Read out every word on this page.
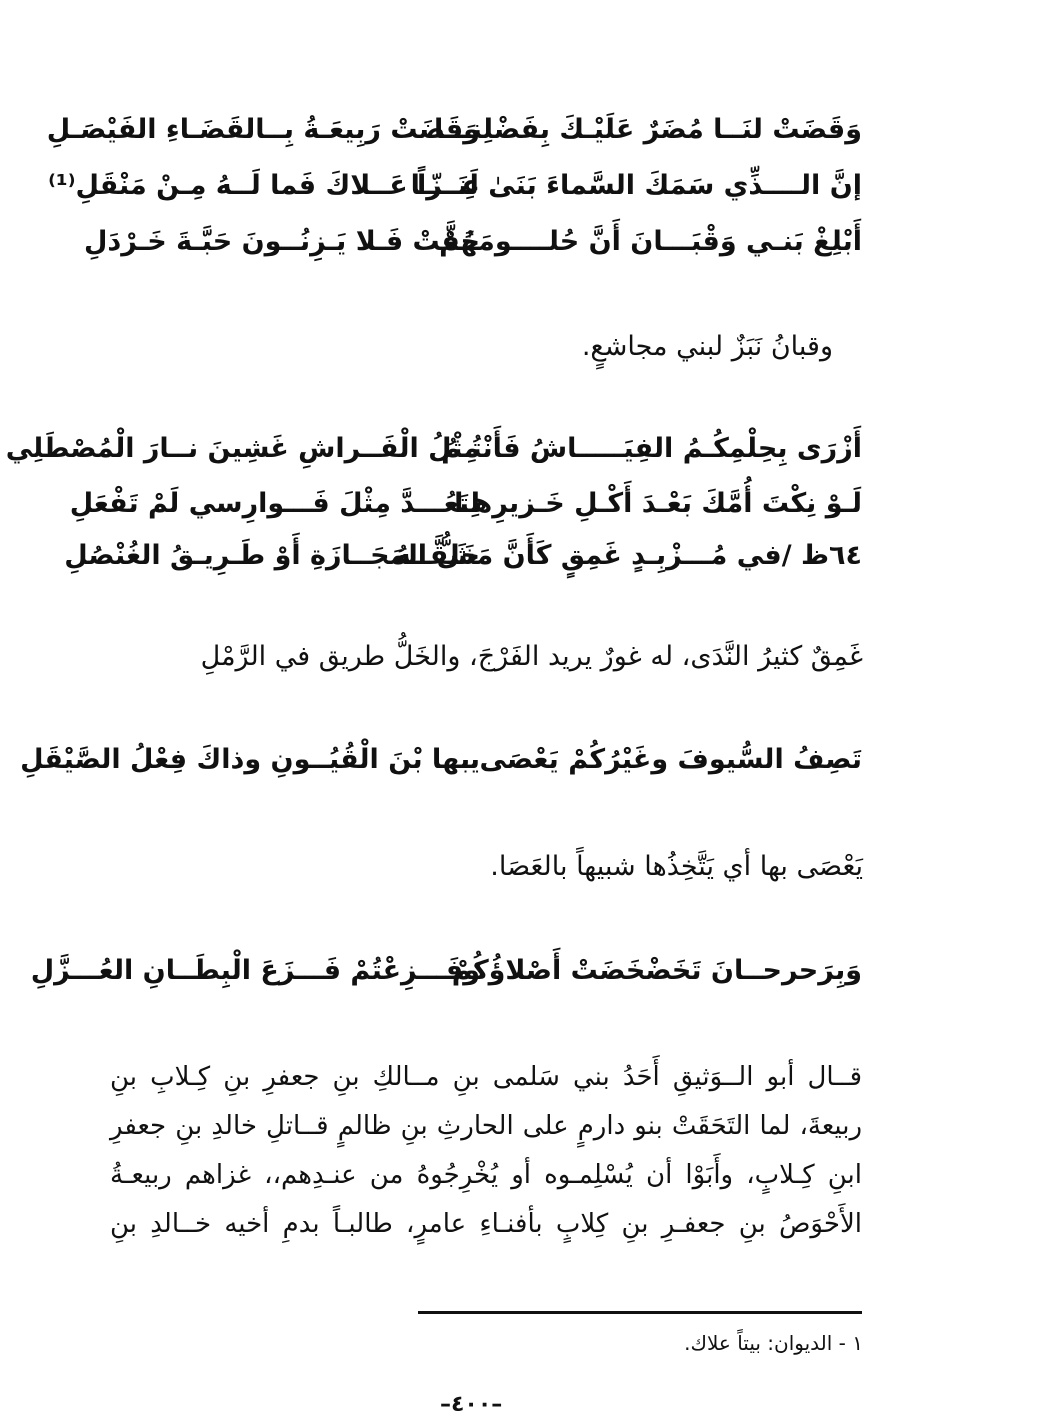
وَقَضَتْ لنَــا مُضَرٌ عَلَيْـكَ بِفَضْلِنـــا
وَقَضَتْ رَبِيعَـةُ بِــالقَضَـاءِ الفَيْصَـلِ
إنَّ الــــذِّي سَمَكَ السَّماءَ بَنَىٰ لَنَــــا
عِــزّاً عَــلاكَ فَما لَــهُ مِـنْ مَنْقَلِ⁽¹⁾
أَبْلِغْ بَنـي وَقْبَـــانَ أَنَّ حُلــــومَهُمْ
خَفَّتْ فَـلا يَـزِنُــونَ حَبَّـةَ خَـرْدَلِ
وقبانُ نَبَزٌ لبني مجاشعٍ.
أَزْرَى بِحِلْمِكُـمُ الفِيَـــــاشُ فَأَنْتُـمُ
مِثْلُ الْفَــراشِ غَشِينَ نــارَ الْمُصْطَلِي
لَـوْ نِكْتَ أُمَّكَ بَعْـدَ أَكْـلِ خَـزيرِهـا
لِتَعُـــدَّ مِثْلَ فَـــوارِسي لَمْ تَفْعَلِ
٦٤ظ /في مُـــزْبِـدٍ غَمِقٍ كَأَنَّ مَشَقَّــهُ
خَلُّ المَجَــازَةِ أَوْ طَـرِيـقُ الغُنْصُلِ
غَمِقٌ كثيرُ النَّدَى، له غورٌ يريد الفَرْجَ، والخَلُّ طريق في الرَّمْلِ
تَصِفُ السُّيوفَ وغَيْرُكُمْ يَعْصَى بها
يـــا بْنَ الْقُيُــونِ وذاكَ فِعْلُ الصَّيْقَلِ
يَعْصَى بها أي يَتَّخِذُها شبيهاً بالعَصَا.
وَبِرَحرحــانَ تَخَضْخَضَتْ أَصْلاؤُكُمْ
وفَـــزِعْتُمْ فَـــزَعَ الْبِطَــانِ العُـــزَّلِ
قــال أبو الــوَثيقِ أَحَدُ بني سَلمى بنِ مــالكِ بنِ جعفرِ بنِ كِـلابِ بنِ
ربيعةَ، لما التَحَقَتْ بنو دارمٍ على الحارثِ بنِ ظالمٍ قــاتلِ خالدِ بنِ جعفرِ
ابنِ كِـلابٍ، وأَبَوْا أن يُسْلِمـوه أو يُخْرِجُوهُ من عنـدِهم،، غزاهم ربيعـةُ
الأَحْوَصُ بنِ جعفـرِ بنِ كِلابٍ بأفنـاءِ عامرٍ، طالبـاً بدمِ أخيه خــالدِ بنِ
١ - الديوان: بيتاً علاك.
–٤٠٠–
